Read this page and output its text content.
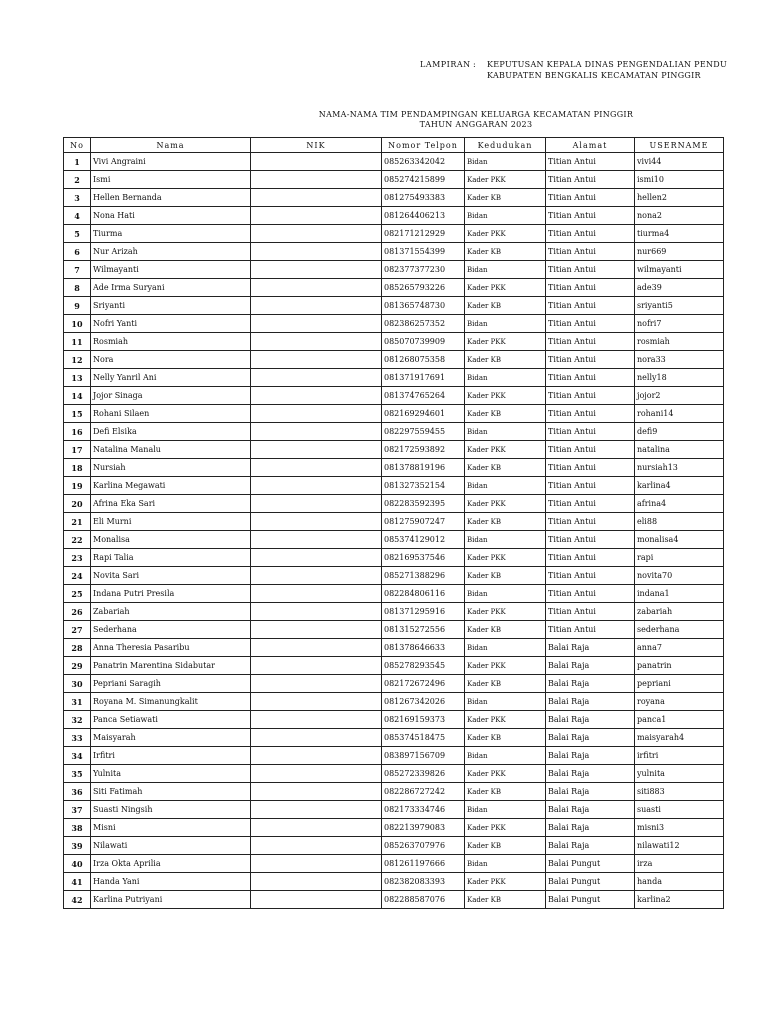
LAMPIRAN : KEPUTUSAN KEPALA DINAS PENGENDALIAN PENDU
KABUPATEN BENGKALIS KECAMATAN PINGGIR
NAMA-NAMA TIM PENDAMPINGAN KELUARGA KECAMATAN PINGGIR
TAHUN ANGGARAN 2023
No	Nama	NIK	Nomor Telpon	Kedudukan	Alamat	USERNAME
1	Vivi Angraini		085263342042	Bidan	Titian Antui	vivi44
2	Ismi		085274215899	Kader PKK	Titian Antui	ismi10
3	Hellen Bernanda		081275493383	Kader KB	Titian Antui	hellen2
4	Nona Hati		081264406213	Bidan	Titian Antui	nona2
5	Tiurma		082171212929	Kader PKK	Titian Antui	tiurma4
6	Nur Arizah		081371554399	Kader KB	Titian Antui	nur669
7	Wilmayanti		082377377230	Bidan	Titian Antui	wilmayanti
8	Ade Irma Suryani		085265793226	Kader PKK	Titian Antui	ade39
9	Sriyanti		081365748730	Kader KB	Titian Antui	sriyanti5
10	Nofri Yanti		082386257352	Bidan	Titian Antui	nofri7
11	Rosmiah		085070739909	Kader PKK	Titian Antui	rosmiah
12	Nora		081268075358	Kader KB	Titian Antui	nora33
13	Nelly Yanril Ani		081371917691	Bidan	Titian Antui	nelly18
14	Jojor Sinaga		081374765264	Kader PKK	Titian Antui	jojor2
15	Rohani Silaen		082169294601	Kader KB	Titian Antui	rohani14
16	Defi Elsika		082297559455	Bidan	Titian Antui	defi9
17	Natalina Manalu		082172593892	Kader PKK	Titian Antui	natalina
18	Nursiah		081378819196	Kader KB	Titian Antui	nursiah13
19	Karlina Megawati		081327352154	Bidan	Titian Antui	karlina4
20	Afrina Eka Sari		082283592395	Kader PKK	Titian Antui	afrina4
21	Eli Murni		081275907247	Kader KB	Titian Antui	eli88
22	Monalisa		085374129012	Bidan	Titian Antui	monalisa4
23	Rapi Talia		082169537546	Kader PKK	Titian Antui	rapi
24	Novita Sari		085271388296	Kader KB	Titian Antui	novita70
25	Indana Putri Presila		082284806116	Bidan	Titian Antui	indana1
26	Zabariah		081371295916	Kader PKK	Titian Antui	zabariah
27	Sederhana		081315272556	Kader KB	Titian Antui	sederhana
28	Anna Theresia Pasaribu		081378646633	Bidan	Balai Raja	anna7
29	Panatrin Marentina Sidabutar		085278293545	Kader PKK	Balai Raja	panatrin
30	Pepriani Saragih		082172672496	Kader KB	Balai Raja	pepriani
31	Royana M. Simanungkalit		081267342026	Bidan	Balai Raja	royana
32	Panca Setiawati		082169159373	Kader PKK	Balai Raja	panca1
33	Maisyarah		085374518475	Kader KB	Balai Raja	maisyarah4
34	Irfitri		083897156709	Bidan	Balai Raja	irfitri
35	Yulnita		085272339826	Kader PKK	Balai Raja	yulnita
36	Siti Fatimah		082286727242	Kader KB	Balai Raja	siti883
37	Suasti Ningsih		082173334746	Bidan	Balai Raja	suasti
38	Misni		082213979083	Kader PKK	Balai Raja	misni3
39	Nilawati		085263707976	Kader KB	Balai Raja	nilawati12
40	Irza Okta Aprilia		081261197666	Bidan	Balai Pungut	irza
41	Handa Yani		082382083393	Kader PKK	Balai Pungut	handa
42	Karlina Putriyani		082288587076	Kader KB	Balai Pungut	karlina2
